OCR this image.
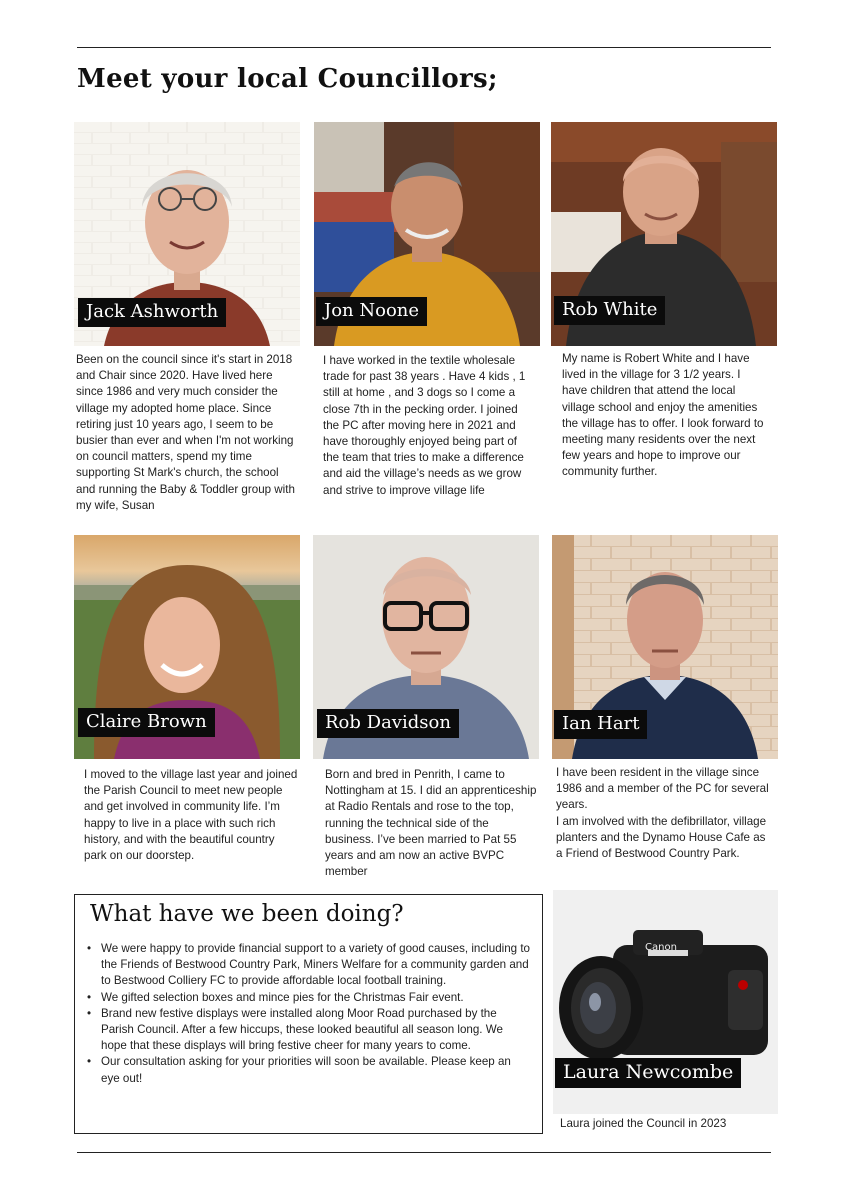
Meet your local Councillors;
Jack Ashworth	Jon Noone	Rob White
Been on the council since it's start in 2018 and Chair since 2020. Have lived here since 1986 and very much consider the village my adopted home place. Since retiring just 10 years ago, I seem to be busier than ever and when I'm not working on council matters, spend my time supporting St Mark's church, the school and running the Baby & Toddler group with my wife, Susan
I have worked in the textile wholesale trade for past 38 years . Have 4 kids , 1 still at home , and 3 dogs so I come a close 7th in the pecking order. I joined the PC after moving here in 2021 and have thoroughly enjoyed being part of the team that tries to make a difference and aid the village’s needs as we grow and strive to improve village life
My name is Robert White and I have lived in the village for 3 1/2 years. I have children that attend the local village school and enjoy the amenities the village has to offer. I look forward to meeting many residents over the next few years and hope to improve our community further.
Claire Brown	Rob Davidson	Ian Hart
I moved to the village last year and joined the Parish Council to meet new people and get involved in community life. I’m happy to live in a place with such rich history, and with the beautiful country park on our doorstep.
Born and bred in Penrith, I came to Nottingham at 15. I did an apprenticeship at Radio Rentals and rose to the top, running the technical side of the business. I’ve been married to Pat 55 years and am now an active BVPC member
I have been resident in the village since 1986 and a member of the PC for several years.
I am involved with the defibrillator, village planters and the Dynamo House Cafe as a Friend of Bestwood Country Park.
What have we been doing?
• We were happy to provide financial support to a variety of good causes, including to the Friends of Bestwood Country Park, Miners Welfare for a community garden and to Bestwood Colliery FC to provide affordable local football training.
• We gifted selection boxes and mince pies for the Christmas Fair event.
• Brand new festive displays were installed along Moor Road purchased by the Parish Council. After a few hiccups, these looked beautiful all season long. We hope that these displays will bring festive cheer for many years to come.
• Our consultation asking for your priorities will soon be available. Please keep an eye out!
Canon
Laura Newcombe
Laura joined the Council in 2023
